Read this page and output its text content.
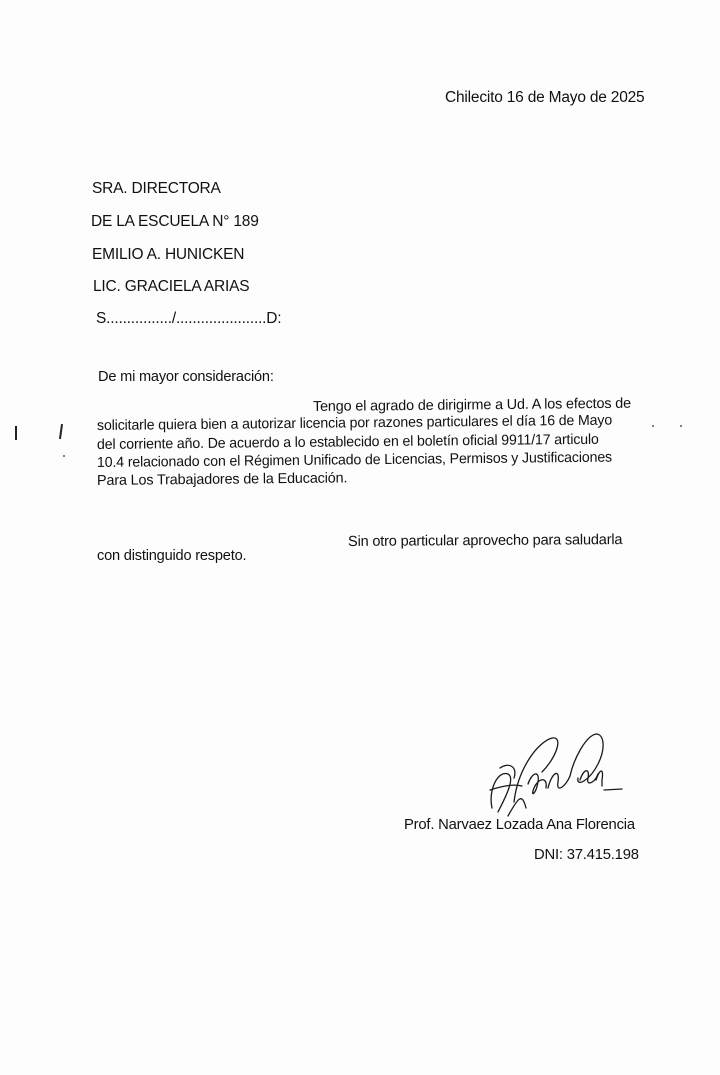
Chilecito 16 de Mayo de 2025
SRA. DIRECTORA
DE LA ESCUELA N° 189
EMILIO A. HUNICKEN
LIC. GRACIELA ARIAS
S................/......................D:
De mi mayor consideración:
Tengo el agrado de dirigirme a Ud. A los efectos de
solicitarle quiera bien a autorizar licencia por razones particulares el día 16 de Mayo
del corriente año. De acuerdo a lo establecido en el boletín oficial 9911/17 articulo
10.4 relacionado con el Régimen Unificado de Licencias, Permisos y Justificaciones
Para Los Trabajadores de la Educación.
Sin otro particular aprovecho para saludarla
con distinguido respeto.
Prof. Narvaez Lozada Ana Florencia
DNI: 37.415.198
